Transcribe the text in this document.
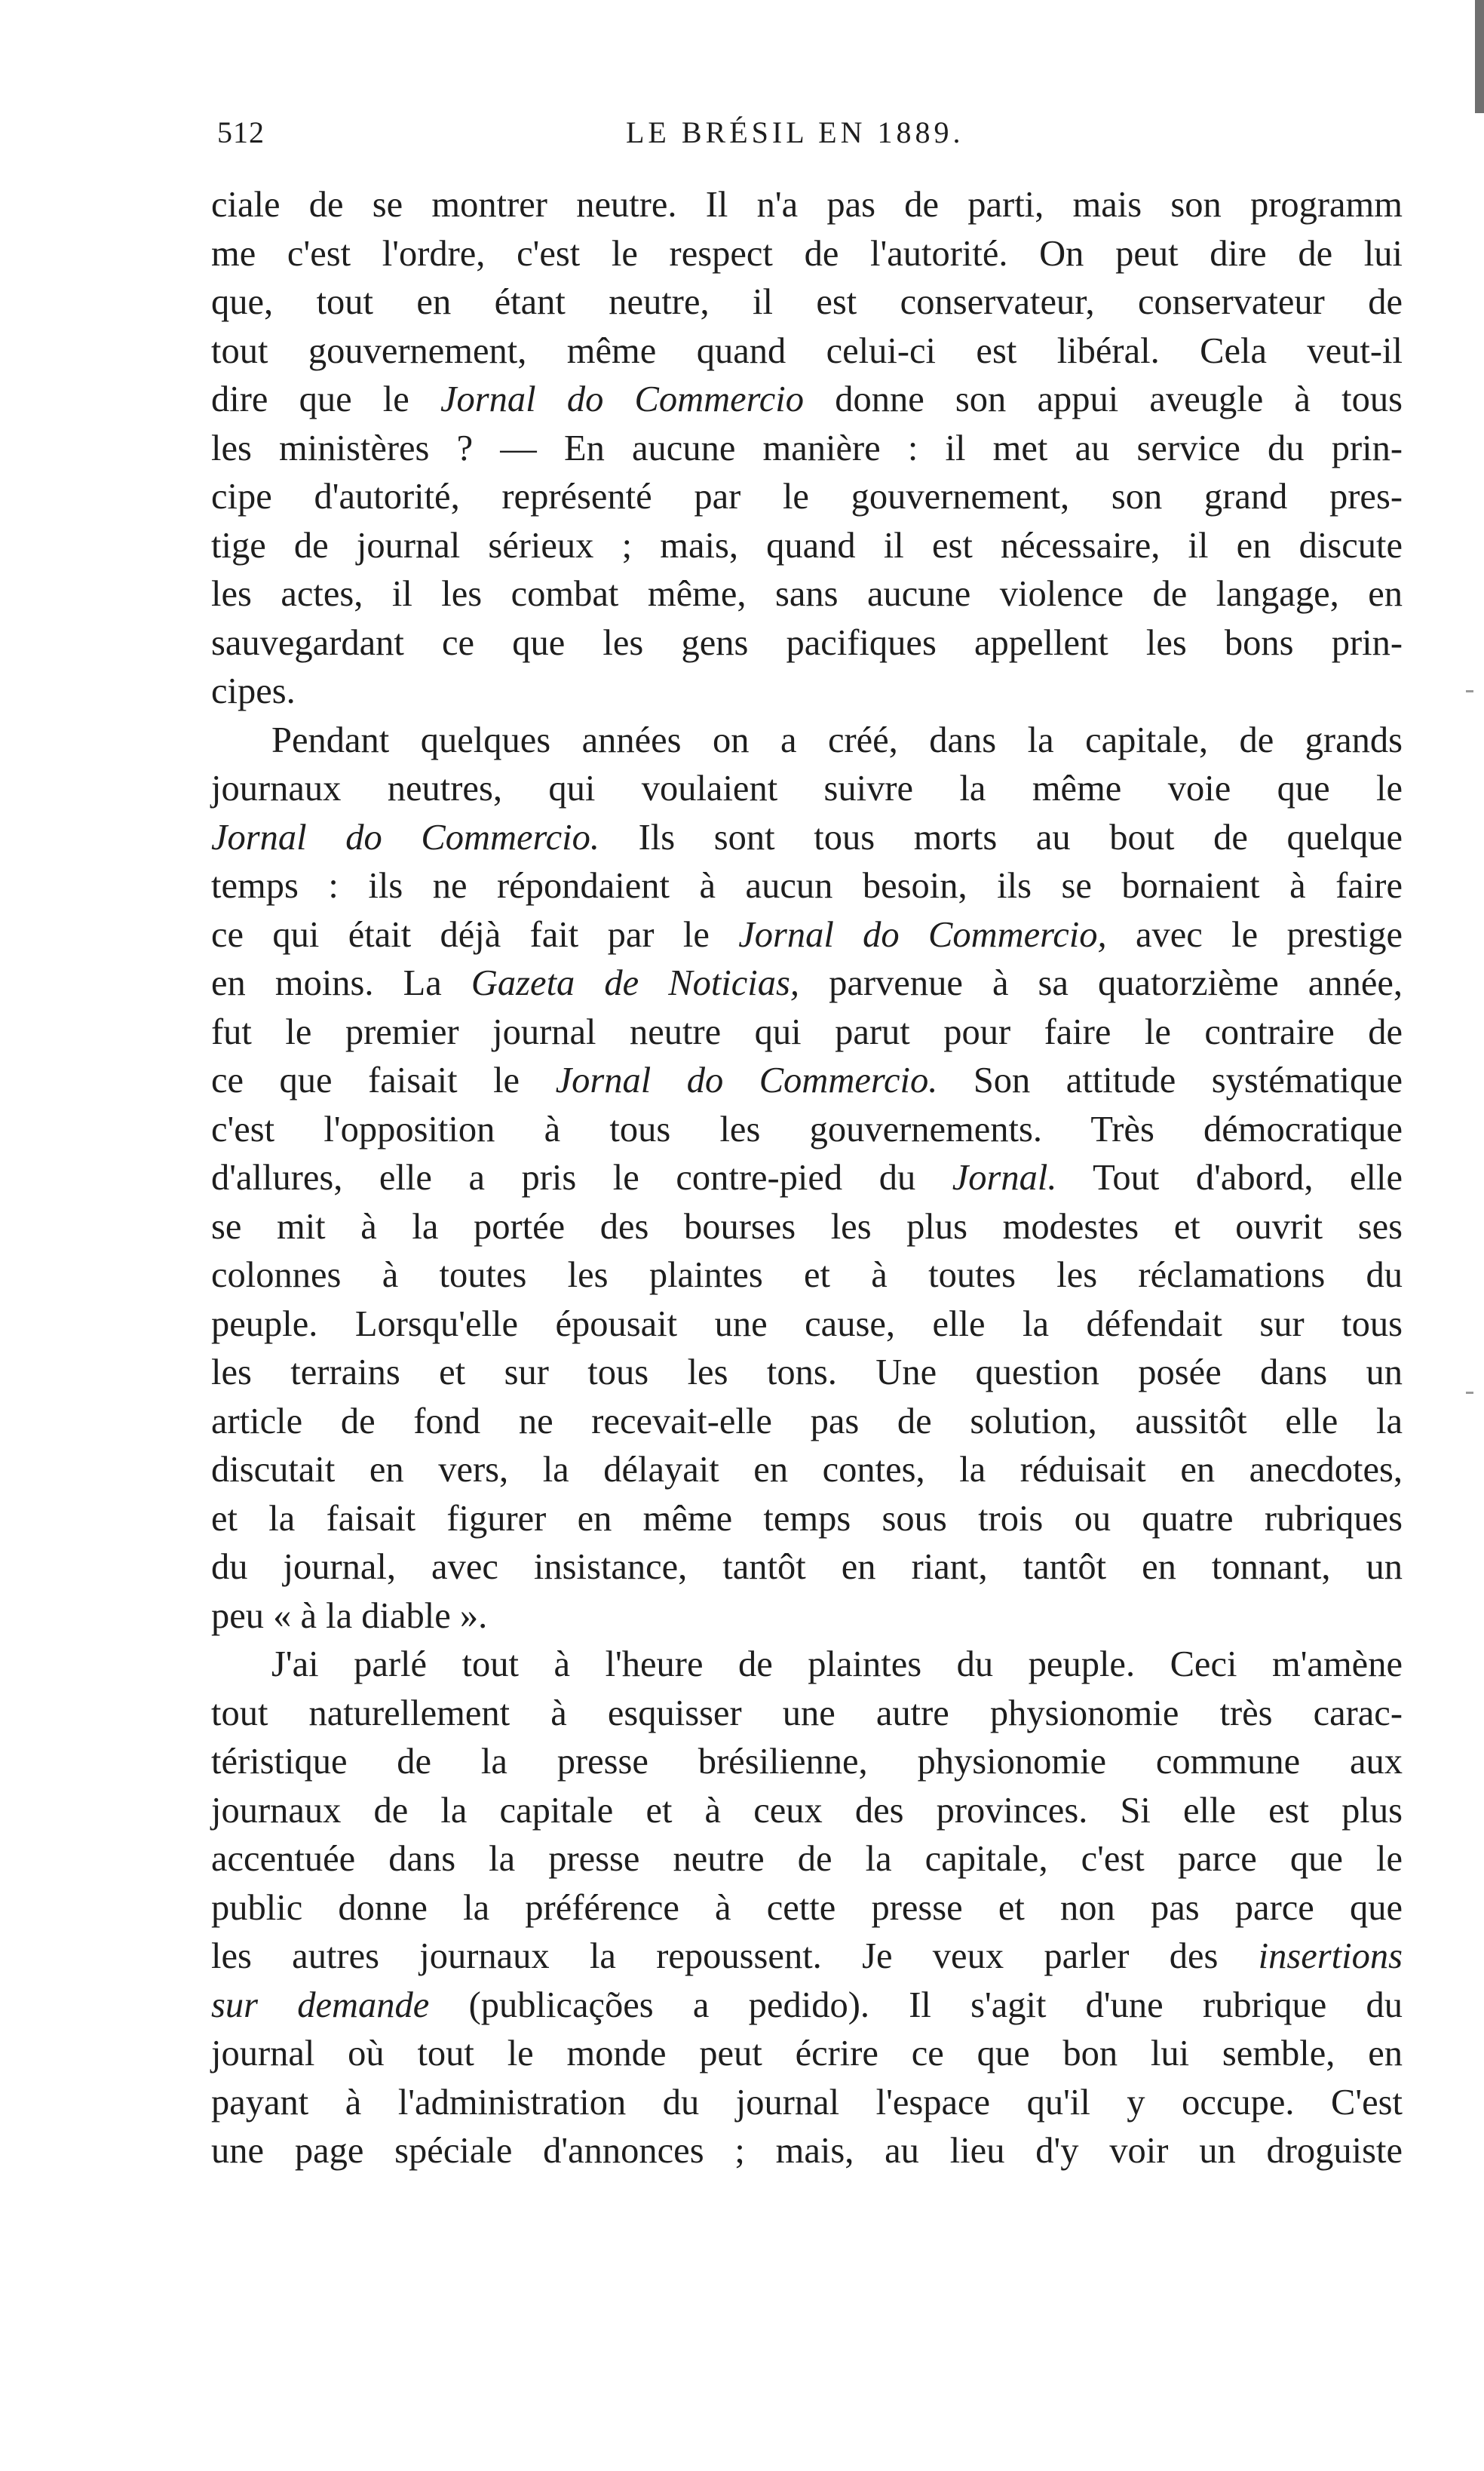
512	LE BRÉSIL EN 1889.
ciale de se montrer neutre. Il n'a pas de parti, mais son programm
me c'est l'ordre, c'est le respect de l'autorité. On peut dire de lui
que, tout en étant neutre, il est conservateur, conservateur de
tout gouvernement, même quand celui-ci est libéral. Cela veut-il
dire que le Jornal do Commercio donne son appui aveugle à tous
les ministères ? — En aucune manière : il met au service du prin-
cipe d'autorité, représenté par le gouvernement, son grand pres-
tige de journal sérieux ; mais, quand il est nécessaire, il en discute
les actes, il les combat même, sans aucune violence de langage, en
sauvegardant ce que les gens pacifiques appellent les bons prin-
cipes.
Pendant quelques années on a créé, dans la capitale, de grands
journaux neutres, qui voulaient suivre la même voie que le
Jornal do Commercio. Ils sont tous morts au bout de quelque
temps : ils ne répondaient à aucun besoin, ils se bornaient à faire
ce qui était déjà fait par le Jornal do Commercio, avec le prestige
en moins. La Gazeta de Noticias, parvenue à sa quatorzième année,
fut le premier journal neutre qui parut pour faire le contraire de
ce que faisait le Jornal do Commercio. Son attitude systématique
c'est l'opposition à tous les gouvernements. Très démocratique
d'allures, elle a pris le contre-pied du Jornal. Tout d'abord, elle
se mit à la portée des bourses les plus modestes et ouvrit ses
colonnes à toutes les plaintes et à toutes les réclamations du
peuple. Lorsqu'elle épousait une cause, elle la défendait sur tous
les terrains et sur tous les tons. Une question posée dans un
article de fond ne recevait-elle pas de solution, aussitôt elle la
discutait en vers, la délayait en contes, la réduisait en anecdotes,
et la faisait figurer en même temps sous trois ou quatre rubriques
du journal, avec insistance, tantôt en riant, tantôt en tonnant, un
peu « à la diable ».
J'ai parlé tout à l'heure de plaintes du peuple. Ceci m'amène
tout naturellement à esquisser une autre physionomie très carac-
téristique de la presse brésilienne, physionomie commune aux
journaux de la capitale et à ceux des provinces. Si elle est plus
accentuée dans la presse neutre de la capitale, c'est parce que le
public donne la préférence à cette presse et non pas parce que
les autres journaux la repoussent. Je veux parler des insertions
sur demande (publicações a pedido). Il s'agit d'une rubrique du
journal où tout le monde peut écrire ce que bon lui semble, en
payant à l'administration du journal l'espace qu'il y occupe. C'est
une page spéciale d'annonces ; mais, au lieu d'y voir un droguiste
